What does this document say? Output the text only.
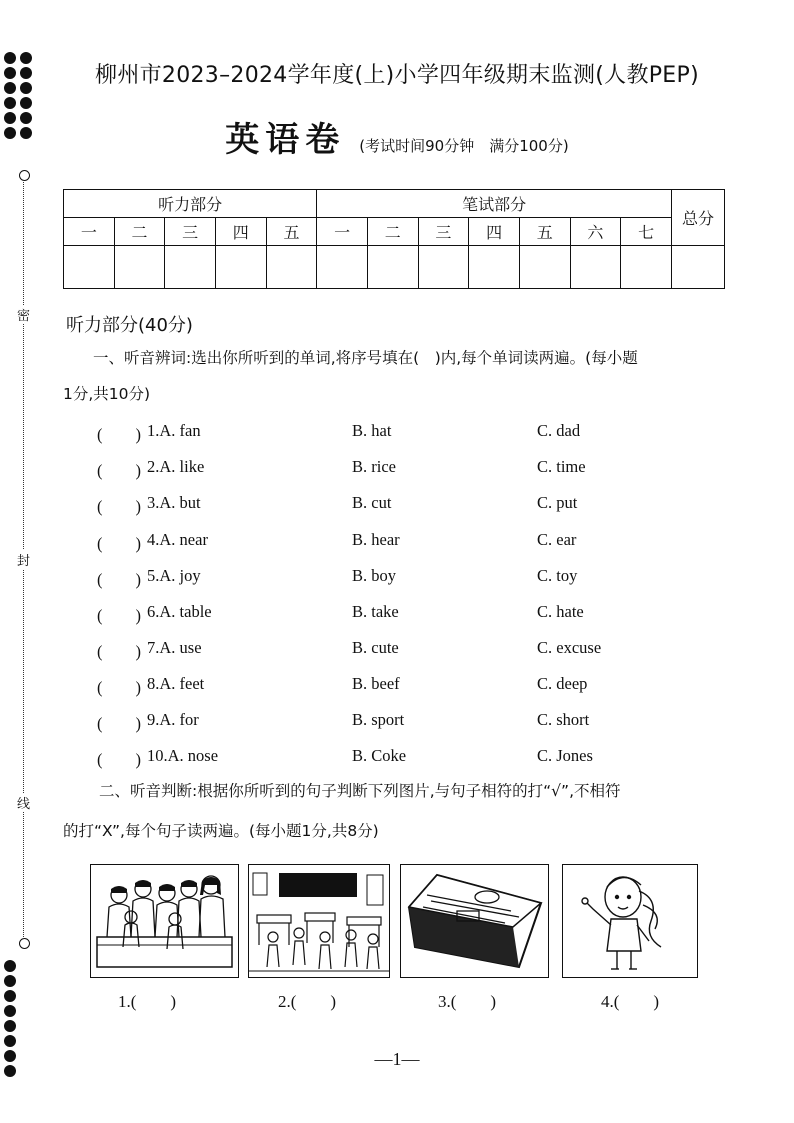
密
封
线
柳州市2023–2024学年度(上)小学四年级期末监测(人教PEP)
英语卷 (考试时间90分钟　满分100分)
听力部分					笔试部分							总分
一	二	三	四	五	一	二	三	四	五	六	七	

听力部分(40分)
一、听音辨词:选出你所听到的单词,将序号填在(　)内,每个单词读两遍。(每小题
1分,共10分)
(　　) 1.A. fan	B. hat	C. dad
(　　) 2.A. like	B. rice	C. time
(　　) 3.A. but	B. cut	C. put
(　　) 4.A. near	B. hear	C. ear
(　　) 5.A. joy	B. boy	C. toy
(　　) 6.A. table	B. take	C. hate
(　　) 7.A. use	B. cute	C. excuse
(　　) 8.A. feet	B. beef	C. deep
(　　) 9.A. for	B. sport	C. short
(　　) 10.A. nose	B. Coke	C. Jones
二、听音判断:根据你所听到的句子判断下列图片,与句子相符的打“√”,不相符
的打“X”,每个句子读两遍。(每小题1分,共8分)
1.(　　)	2.(　　)	3.(　　)	4.(　　)
—1—
